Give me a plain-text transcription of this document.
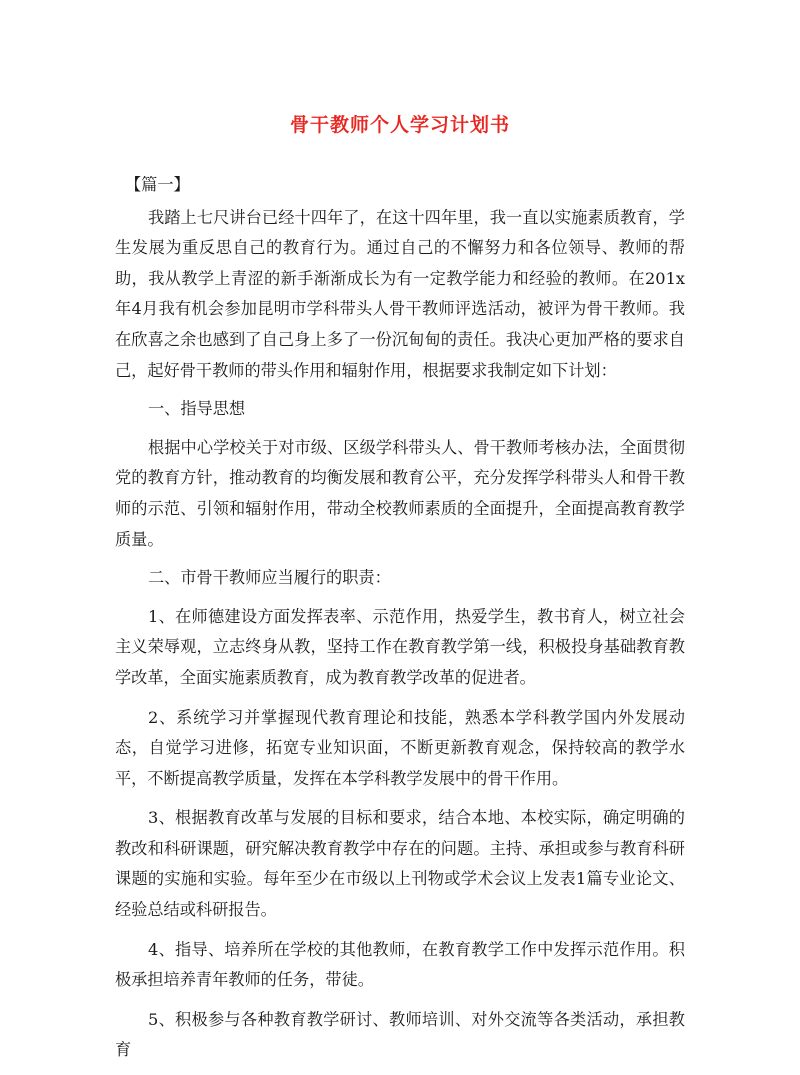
骨干教师个人学习计划书

【篇一】

我踏上七尺讲台已经十四年了，在这十四年里，我一直以实施素质教育，学生发展为重反思自己的教育行为。通过自己的不懈努力和各位领导、教师的帮助，我从教学上青涩的新手渐渐成长为有一定教学能力和经验的教师。在201x年4月我有机会参加昆明市学科带头人骨干教师评选活动，被评为骨干教师。我在欣喜之余也感到了自己身上多了一份沉甸甸的责任。我决心更加严格的要求自己，起好骨干教师的带头作用和辐射作用，根据要求我制定如下计划：

一、指导思想

根据中心学校关于对市级、区级学科带头人、骨干教师考核办法，全面贯彻党的教育方针，推动教育的均衡发展和教育公平，充分发挥学科带头人和骨干教师的示范、引领和辐射作用，带动全校教师素质的全面提升，全面提高教育教学质量。

二、市骨干教师应当履行的职责：

1、在师德建设方面发挥表率、示范作用，热爱学生，教书育人，树立社会主义荣辱观，立志终身从教，坚持工作在教育教学第一线，积极投身基础教育教学改革，全面实施素质教育，成为教育教学改革的促进者。

2、系统学习并掌握现代教育理论和技能，熟悉本学科教学国内外发展动态，自觉学习进修，拓宽专业知识面，不断更新教育观念，保持较高的教学水平，不断提高教学质量，发挥在本学科教学发展中的骨干作用。

3、根据教育改革与发展的目标和要求，结合本地、本校实际，确定明确的教改和科研课题，研究解决教育教学中存在的问题。主持、承担或参与教育科研课题的实施和实验。每年至少在市级以上刊物或学术会议上发表1篇专业论文、经验总结或科研报告。

4、指导、培养所在学校的其他教师，在教育教学工作中发挥示范作用。积极承担培养青年教师的任务，带徒。

5、积极参与各种教育教学研讨、教师培训、对外交流等各类活动，承担教育
